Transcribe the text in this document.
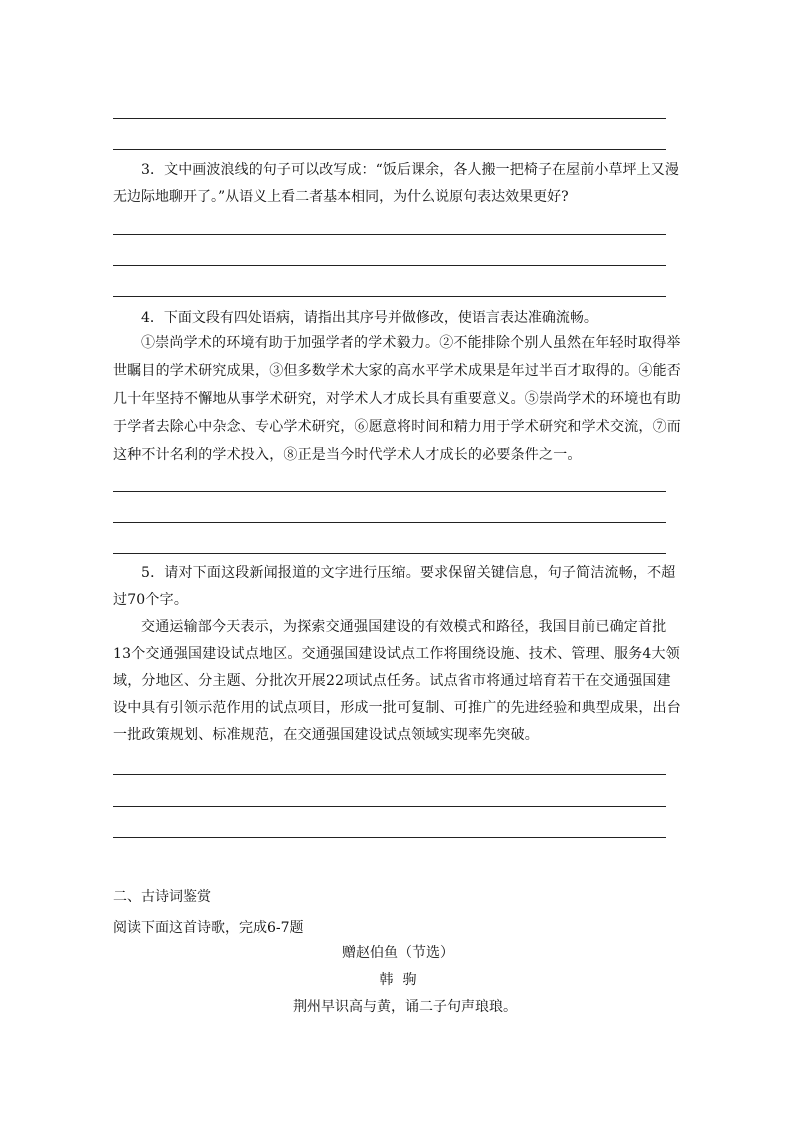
3．文中画波浪线的句子可以改写成：“饭后课余，各人搬一把椅子在屋前小草坪上又漫
无边际地聊开了。”从语义上看二者基本相同，为什么说原句表达效果更好?
4．下面文段有四处语病，请指出其序号并做修改，使语言表达准确流畅。
①崇尚学术的环境有助于加强学者的学术毅力。②不能排除个别人虽然在年轻时取得举世瞩目的学术研究成果，③但多数学术大家的高水平学术成果是年过半百才取得的。④能否几十年坚持不懈地从事学术研究，对学术人才成长具有重要意义。⑤崇尚学术的环境也有助于学者去除心中杂念、专心学术研究，⑥愿意将时间和精力用于学术研究和学术交流，⑦而这种不计名利的学术投入，⑧正是当今时代学术人才成长的必要条件之一。
5．请对下面这段新闻报道的文字进行压缩。要求保留关键信息，句子简洁流畅，不超过70个字。
交通运输部今天表示，为探索交通强国建设的有效模式和路径，我国目前已确定首批13个交通强国建设试点地区。交通强国建设试点工作将围绕设施、技术、管理、服务4大领域，分地区、分主题、分批次开展22项试点任务。试点省市将通过培育若干在交通强国建设中具有引领示范作用的试点项目，形成一批可复制、可推广的先进经验和典型成果，出台一批政策规划、标准规范，在交通强国建设试点领域实现率先突破。
二、古诗词鉴赏
阅读下面这首诗歌，完成6-7题
赠赵伯鱼（节选）
韩  驹
荆州早识高与黄，诵二子句声琅琅。
